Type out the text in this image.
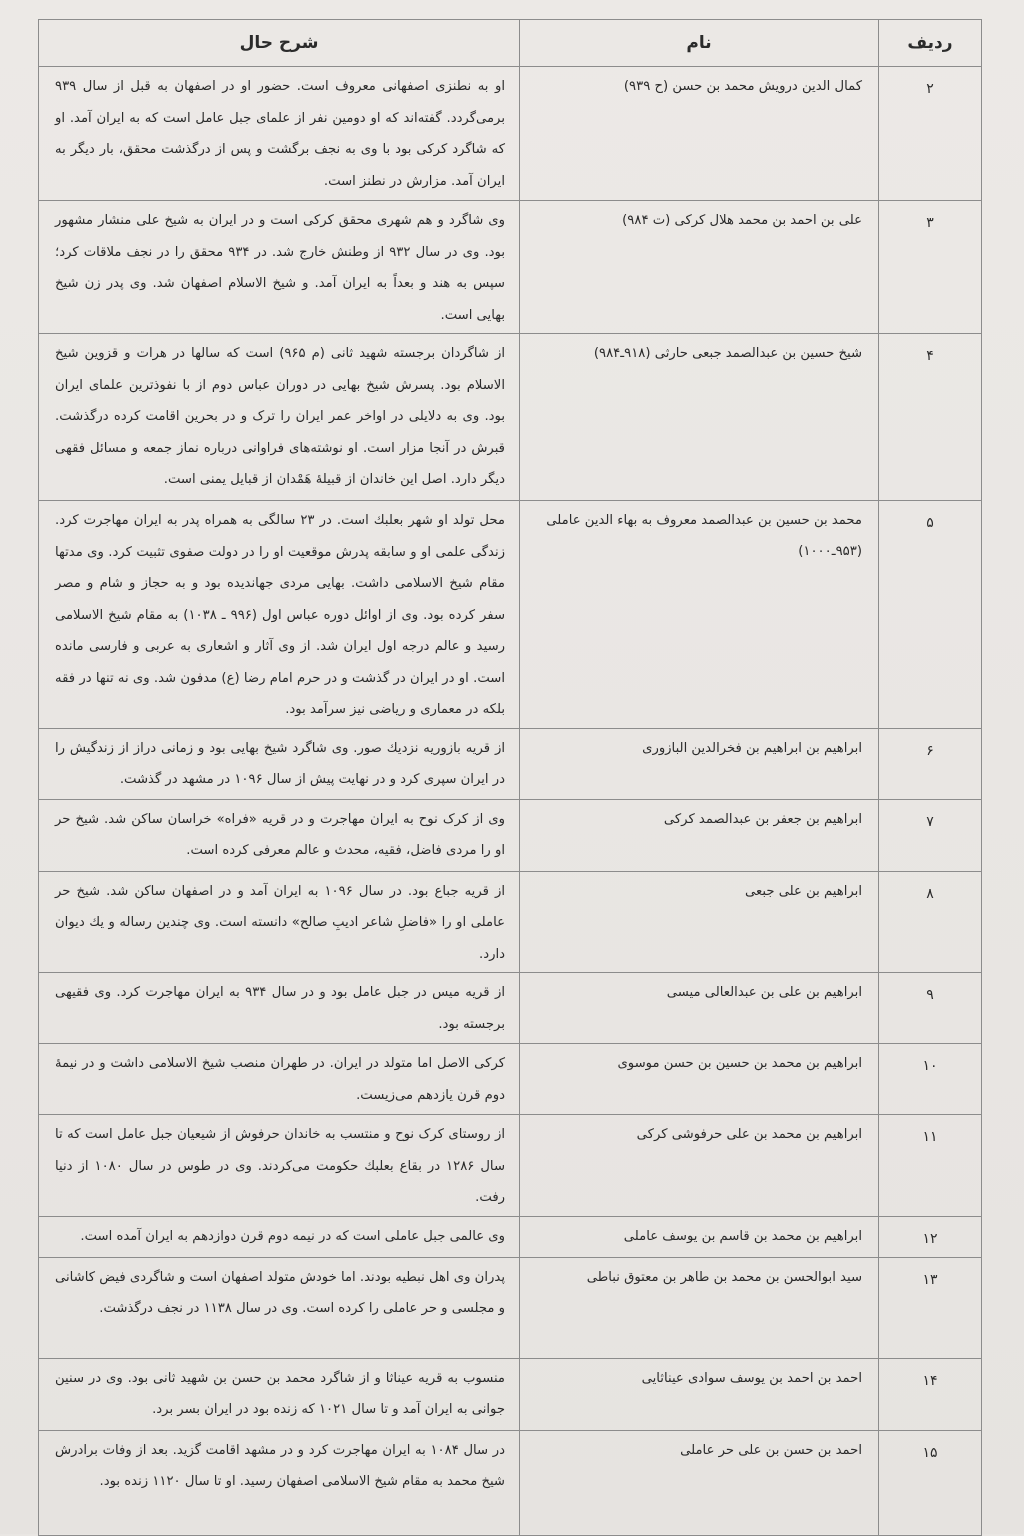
ردیف	نام	شرح حال
۲	کمال الدین درویش محمد بن حسن (ح ۹۳۹)	او به نطنزی اصفهانی معروف است. حضور او در اصفهان به قبل از سال ۹۳۹ برمی‌گردد. گفته‌اند که او دومین نفر از علمای جبل عامل است که به ایران آمد. او که شاگرد کرکی بود با وی به نجف برگشت و پس از درگذشت محقق، بار دیگر به ایران آمد. مزارش در نطنز است.
۳	علی بن احمد بن محمد هلال کرکی (ت ۹۸۴)	وی شاگرد و هم شهری محقق کرکی است و در ایران به شیخ علی منشار مشهور بود. وی در سال ۹۳۲ از وطنش خارج شد. در ۹۳۴ محقق را در نجف ملاقات کرد؛ سپس به هند و بعداً به ایران آمد. و شیخ الاسلام اصفهان شد. وی پدر زن شیخ بهایی است.
۴	شیخ حسین بن عبدالصمد جبعی حارثی (۹۱۸ـ۹۸۴)	از شاگردان برجسته شهید ثانی (م ۹۶۵) است که سالها در هرات و قزوین شیخ الاسلام بود. پسرش شیخ بهایی در دوران عباس دوم از با نفوذترین علمای ایران بود. وی به دلایلی در اواخر عمر ایران را ترک و در بحرین اقامت کرده درگذشت. قبرش در آنجا مزار است. او نوشته‌های فراوانی درباره نماز جمعه و مسائل فقهی دیگر دارد. اصل این خاندان از قبیلهٔ هَمْدان از قبایل یمنی است.
۵	محمد بن حسین بن عبدالصمد معروف به بهاء الدین عاملی (۹۵۳ـ۱۰۰۰)	محل تولد او شهر بعلبك است. در ۲۳ سالگی به همراه پدر به ایران مهاجرت کرد. زندگی علمی او و سابقه پدرش موقعیت او را در دولت صفوی تثبیت کرد. وی مدتها مقام شیخ الاسلامی داشت. بهایی مردی جهاندیده بود و به حجاز و شام و مصر سفر کرده بود. وی از اوائل دوره عباس اول (۹۹۶ ـ ۱۰۳۸) به مقام شیخ الاسلامی رسید و عالم درجه اول ایران شد. از وی آثار و اشعاری به عربی و فارسی مانده است. او در ایران در گذشت و در حرم امام رضا (ع) مدفون شد. وی نه تنها در فقه بلکه در معماری و ریاضی نیز سرآمد بود.
۶	ابراهیم بن ابراهیم بن فخرالدین البازوری	از قریه بازوریه نزدیك صور. وی شاگرد شیخ بهایی بود و زمانی دراز از زندگیش را در ایران سپری کرد و در نهایت پیش از سال ۱۰۹۶ در مشهد در گذشت.
۷	ابراهیم بن جعفر بن عبدالصمد کرکی	وی از کرک نوح به ایران مهاجرت و در قریه «فراه» خراسان ساکن شد. شیخ حر او را مردی فاضل، فقیه، محدث و عالم معرفی کرده است.
۸	ابراهیم بن علی جبعی	از قریه جباع بود. در سال ۱۰۹۶ به ایران آمد و در اصفهان ساکن شد. شیخ حر عاملی او را «فاضلِ شاعر ادیبِ صالح» دانسته است. وی چندین رساله و یك دیوان دارد.
۹	ابراهیم بن علی بن عبدالعالی میسی	از قریه میس در جبل عامل بود و در سال ۹۳۴ به ایران مهاجرت کرد. وی فقیهی برجسته بود.
۱۰	ابراهیم بن محمد بن حسین بن حسن موسوی	کرکی الاصل اما متولد در ایران. در طهران منصب شیخ الاسلامی داشت و در نیمهٔ دوم قرن یازدهم می‌زیست.
۱۱	ابراهیم بن محمد بن علی حرفوشی کرکی	از روستای کرک نوح و منتسب به خاندان حرفوش از شیعیان جبل عامل است که تا سال ۱۲۸۶ در بقاع بعلبك حکومت می‌کردند. وی در طوس در سال ۱۰۸۰ از دنیا رفت.
۱۲	ابراهیم بن محمد بن قاسم بن یوسف عاملی	وی عالمی جبل عاملی است که در نیمه دوم قرن دوازدهم به ایران آمده است.
۱۳	سید ابوالحسن بن محمد بن طاهر بن معتوق نباطی	پدران وی اهل نبطیه بودند. اما خودش متولد اصفهان است و شاگردی فیض کاشانی و مجلسی و حر عاملی را کرده است. وی در سال ۱۱۳۸ در نجف درگذشت.
۱۴	احمد بن احمد بن یوسف سوادی عیناثایی	منسوب به قریه عیناثا و از شاگرد محمد بن حسن بن شهید ثانی بود. وی در سنین جوانی به ایران آمد و تا سال ۱۰۲۱ که زنده بود در ایران بسر برد.
۱۵	احمد بن حسن بن علی حر عاملی	در سال ۱۰۸۴ به ایران مهاجرت کرد و در مشهد اقامت گزید. بعد از وفات برادرش شیخ محمد به مقام شیخ الاسلامی اصفهان رسید. او تا سال ۱۱۲۰ زنده بود.
